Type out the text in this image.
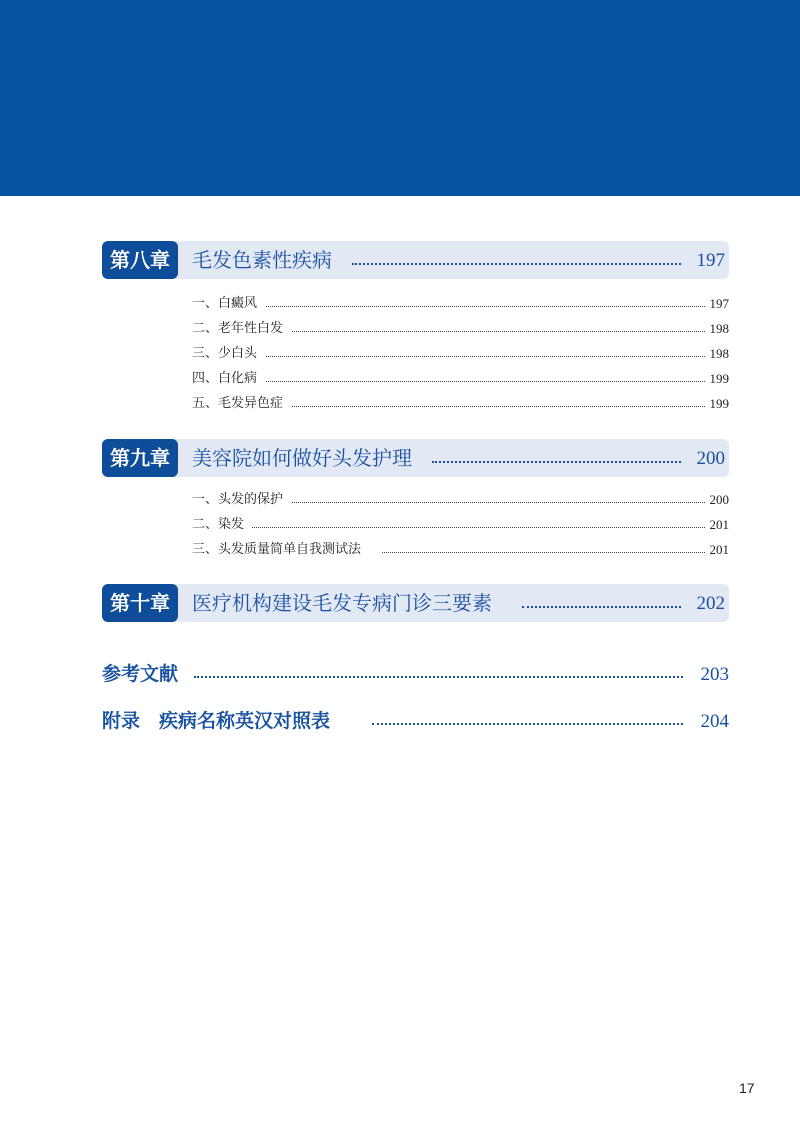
第八章	毛发色素性疾病	197
一、白癜风	197
二、老年性白发	198
三、少白头	198
四、白化病	199
五、毛发异色症	199
第九章	美容院如何做好头发护理	200
一、头发的保护	200
二、染发	201
三、头发质量简单自我测试法	201
第十章	医疗机构建设毛发专病门诊三要素	202
参考文献	203
附录　疾病名称英汉对照表	204
17
